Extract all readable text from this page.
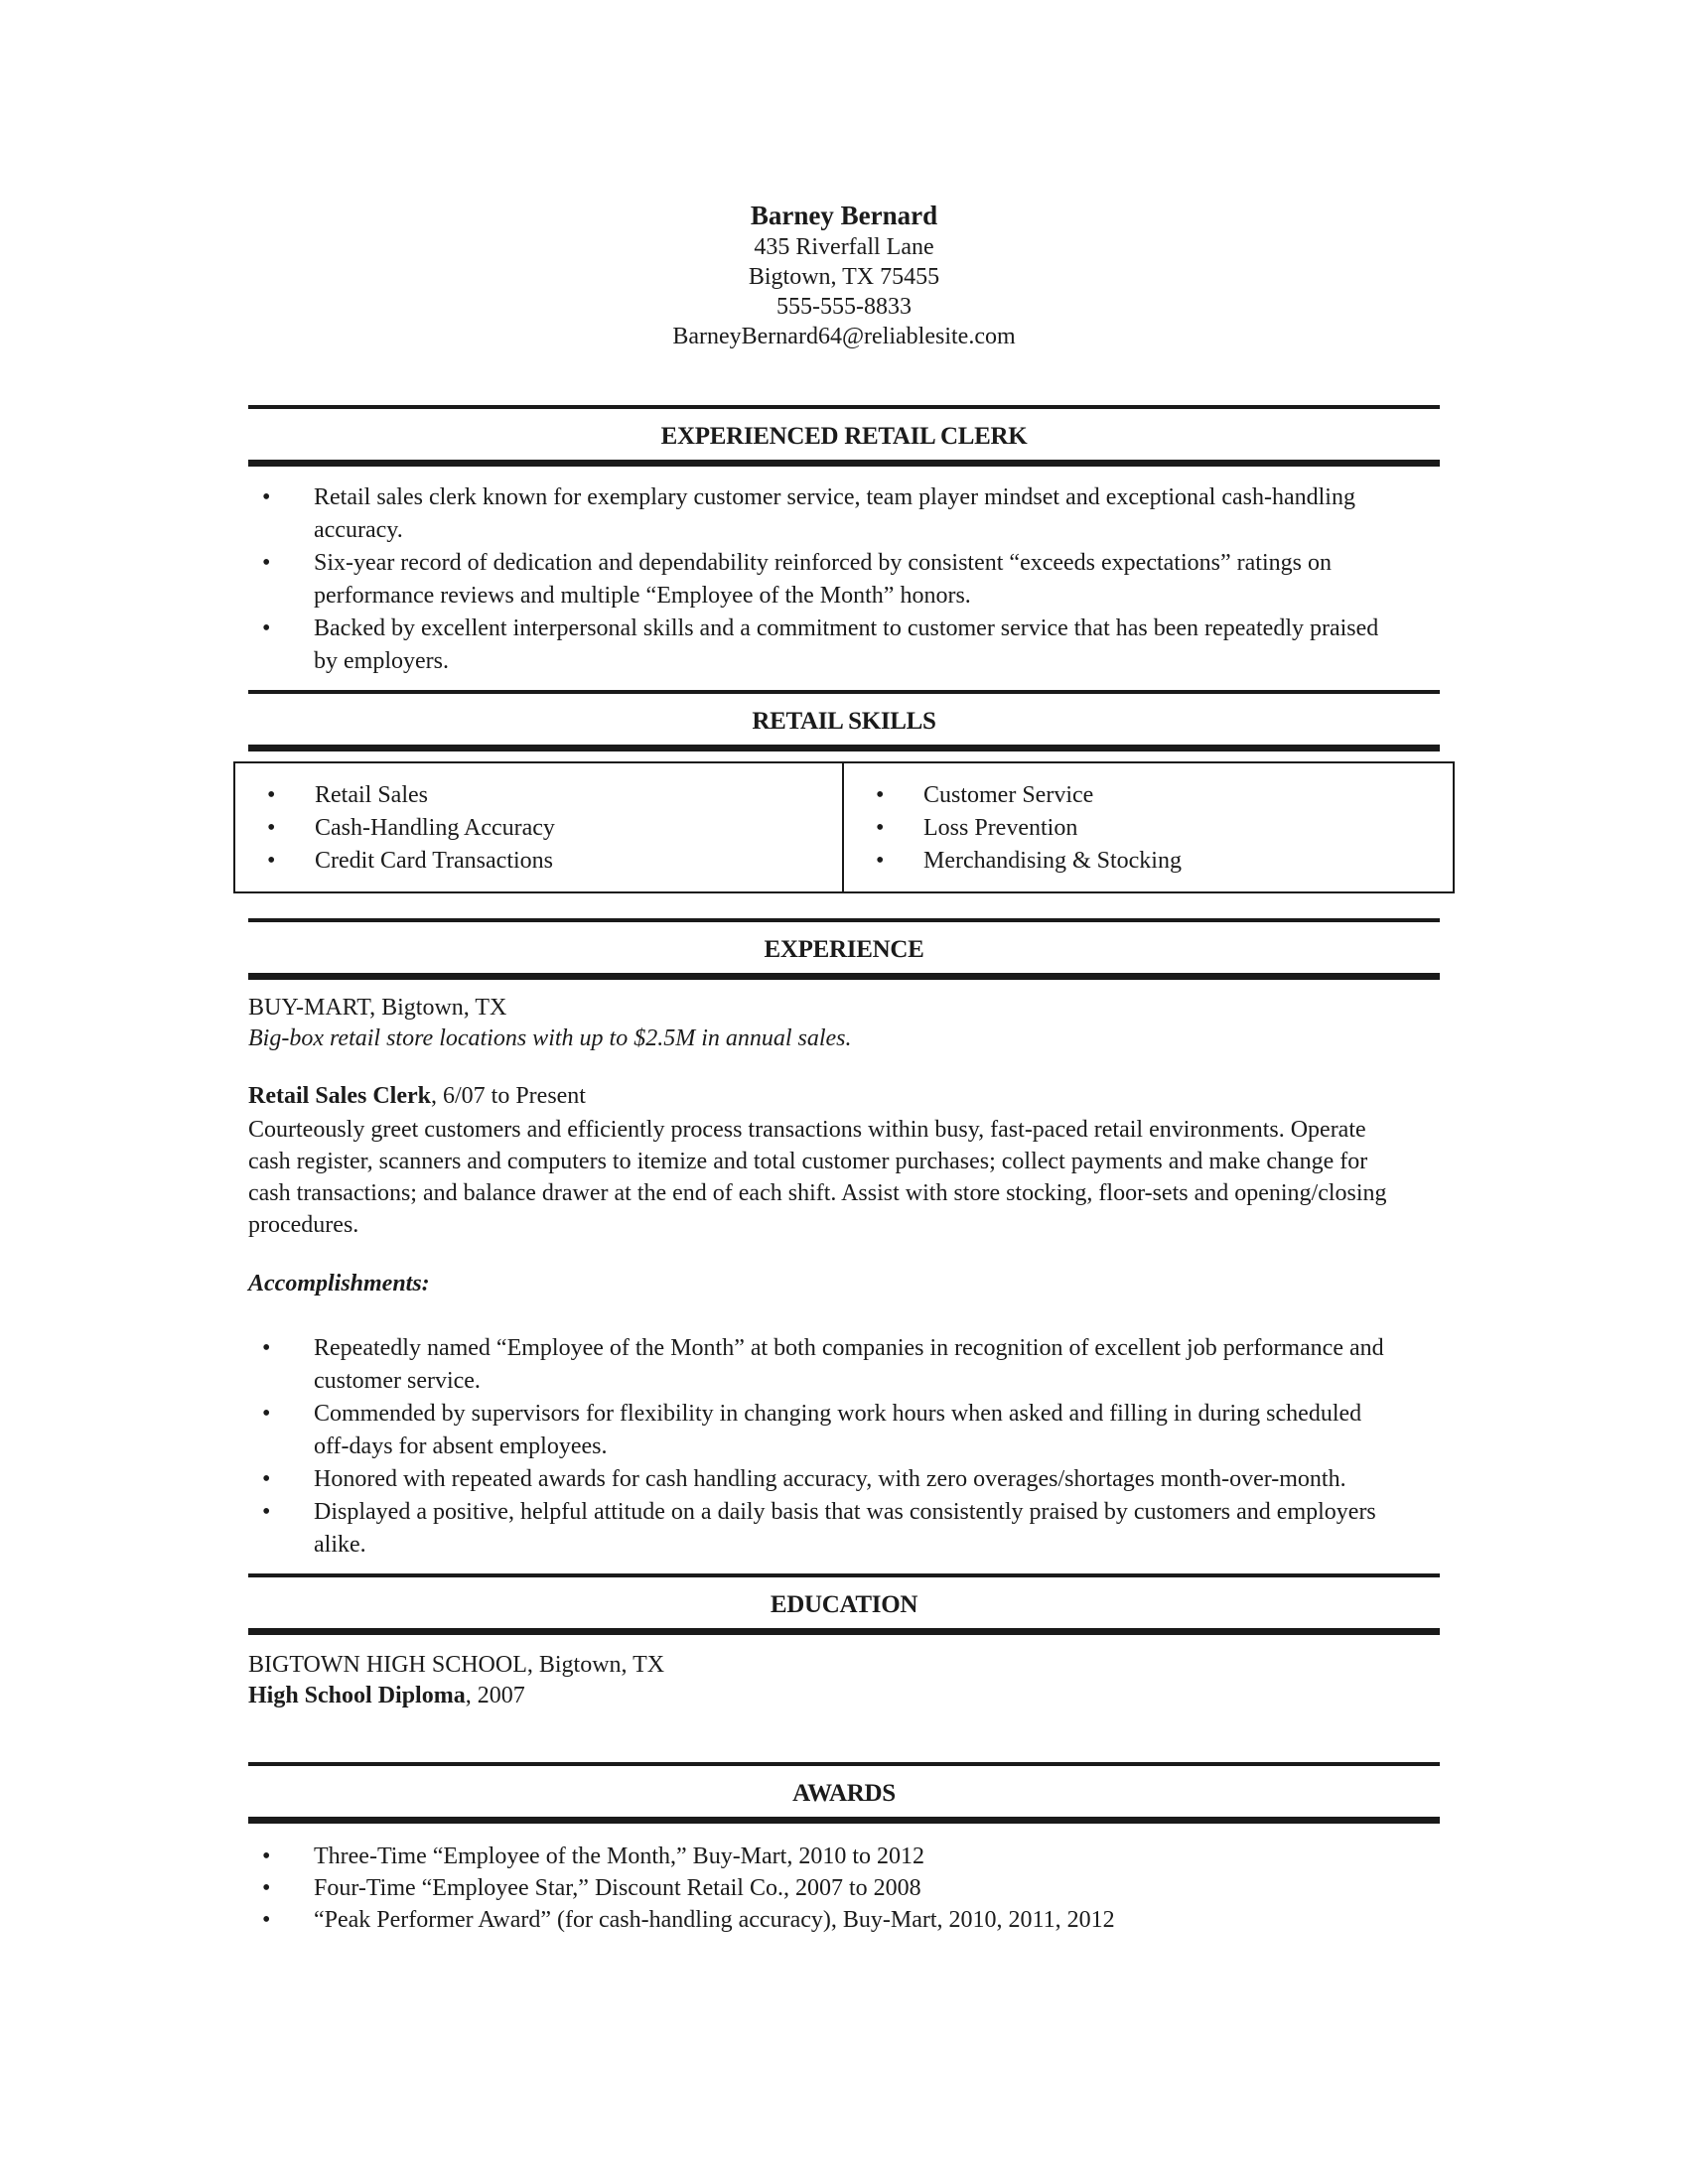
Barney Bernard
435 Riverfall Lane
Bigtown, TX 75455
555-555-8833
BarneyBernard64@reliablesite.com
EXPERIENCED RETAIL CLERK
• Retail sales clerk known for exemplary customer service, team player mindset and exceptional cash-handling accuracy.
• Six-year record of dedication and dependability reinforced by consistent “exceeds expectations” ratings on performance reviews and multiple “Employee of the Month” honors.
• Backed by excellent interpersonal skills and a commitment to customer service that has been repeatedly praised by employers.
RETAIL SKILLS
• Retail Sales
• Cash-Handling Accuracy
• Credit Card Transactions
• Customer Service
• Loss Prevention
• Merchandising & Stocking
EXPERIENCE
BUY-MART, Bigtown, TX
Big-box retail store locations with up to $2.5M in annual sales.
Retail Sales Clerk, 6/07 to Present
Courteously greet customers and efficiently process transactions within busy, fast-paced retail environments. Operate cash register, scanners and computers to itemize and total customer purchases; collect payments and make change for cash transactions; and balance drawer at the end of each shift. Assist with store stocking, floor-sets and opening/closing procedures.
Accomplishments:
• Repeatedly named “Employee of the Month” at both companies in recognition of excellent job performance and customer service.
• Commended by supervisors for flexibility in changing work hours when asked and filling in during scheduled off-days for absent employees.
• Honored with repeated awards for cash handling accuracy, with zero overages/shortages month-over-month.
• Displayed a positive, helpful attitude on a daily basis that was consistently praised by customers and employers alike.
EDUCATION
BIGTOWN HIGH SCHOOL, Bigtown, TX
High School Diploma, 2007
AWARDS
• Three-Time “Employee of the Month,” Buy-Mart, 2010 to 2012
• Four-Time “Employee Star,” Discount Retail Co., 2007 to 2008
• “Peak Performer Award” (for cash-handling accuracy), Buy-Mart, 2010, 2011, 2012
